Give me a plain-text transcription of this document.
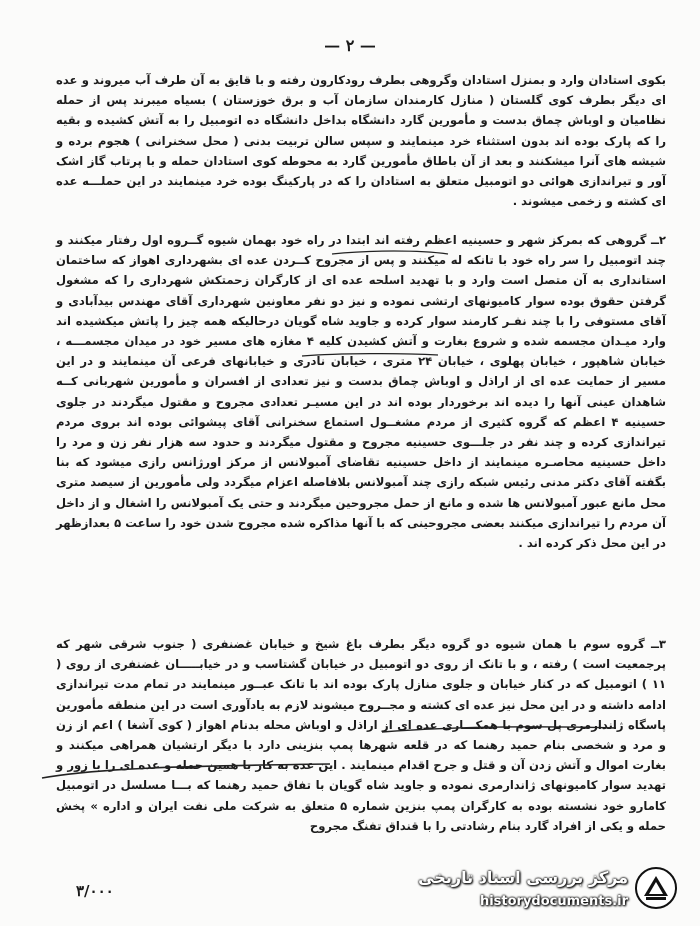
— ۲ —
بکوی استادان وارد و بمنزل استادان وگروهی بطرف رودکارون رفته و با قایق به آن طرف آب میروند و عده ای دیگر بطرف کوی گلستان ( منازل کارمندان سازمان آب و برق خوزستان ) بسیاه میبرند پس از حمله نظامیان و اوباش چماق بدست و مأمورین گارد دانشگاه بداخل دانشگاه ده اتومبیل را به آتش کشیده و بقیه را که پارک بوده اند بدون استثناء خرد مینمایند و سپس سالن تربیت بدنی ( محل سخنرانی ) هجوم برده و شیشه های آنرا میشکنند و بعد از آن باطاق مأمورین گارد به محوطه کوی استادان حمله و با پرتاب گاز اشک آور و تیراندازی هوائی دو اتومبیل متعلق به استادان را که در پارکینگ بوده خرد مینمایند در این حملـــه عده ای کشته و زخمی میشوند .
۲ــ گروهی که بمرکز شهر و حسینیه اعظم رفته اند ابتدا در راه خود بهمان شیوه گــروه اول رفتار میکنند و چند اتومبیل را سر راه خود با تانکه له میکنند و پس از مجروح کــردن عده ای بشهرداری اهواز که ساختمان استانداری به آن متصل است وارد و با تهدید اسلحه عده ای از کارگران زحمتکش شهرداری را که مشغول گرفتن حقوق بوده سوار کامیونهای ارتشی نموده و نیز دو نفر معاونین شهرداری آقای مهندس بیدآبادی و آقای مستوفی را با چند نفـر کارمند سوار کرده و جاوید شاه گویان درحالیکه همه چیز را پاتش میکشیده اند وارد میـدان مجسمه شده و شروع بغارت و آتش کشیدن کلیه ۴ مغازه های مسیر خود در میدان مجسمـــه ، خیابان شاهپور ، خیابان پهلوی ، خیابان ۲۴ متری ، خیابان نادری و خیابانهای فرعی آن مینمایند و در این مسیر از حمایت عده ای از اراذل و اوباش چماق بدست و نیز تعدادی از افسران و مأمورین شهربانی کــه شاهدان عینی آنها را دیده اند برخوردار بوده اند در این مسیـر تعدادی مجروح و مقتول میگردند در جلوی حسینیه ۴ اعظم که گروه کثیری از مردم مشغــول استماع سخنرانی آقای پیشوائی بوده اند بروی مردم تیراندازی کرده و چند نفر در جلـــوی حسینیه مجروح و مقتول میگردند و حدود سه هزار نفر زن و مرد را داخل حسینیه محاصـره مینمایند از داخل حسینیه تقاضای آمبولانس از مرکز اورژانس رازی میشود که بنا بگفته آقای دکتر مدنی رئیس شبکه رازی چند آمبولانس بلافاصله اعزام میگردد ولی مأمورین از سیصد متری محل مانع عبور آمبولانس ها شده و مانع از حمل مجروحین میگردند و حتی یک آمبولانس را اشغال و از داخل آن مردم را تیراندازی میکنند بعضی مجروحینی که با آنها مذاکره شده مجروح شدن خود را ساعت ۵ بعدازظهر در این محل ذکر کرده اند .
۳ــ گروه سوم با همان شیوه دو گروه دیگر بطرف باغ شیخ و خیابان غضنفری ( جنوب شرقی شهر که پرجمعیت است ) رفته ، و با تانک از روی دو اتومبیل در خیابان گشتاسب و در خیابـــــان غضنفری از روی ( ۱۱ ) اتومبیل که در کنار خیابان و جلوی منازل پارک بوده اند با تانک عبــور مینمایند در تمام مدت تیراندازی ادامه داشته و در این محل نیز عده ای کشته و مجــروح میشوند لازم به یادآوری است در این منطقه مأمورین پاسگاه ژاندارمری پل سوم با همکـــاری عده ای از اراذل و اوباش محله بدنام اهواز ( کوی آشغا ) اعم از زن و مرد و شخصی بنام حمید رهنما که در قلعه شهرها پمپ بنزینی دارد با دیگر ارتشیان همراهی میکنند و بغارت اموال و آتش زدن آن و قتل و جرح اقدام مینمایند . این عده به کار با همین حمله و عده ای را با زور و تهدید سوار کامیونهای ژاندارمری نموده و جاوید شاه گویان با تفاق حمید رهنما که بـــا مسلسل در اتومبیل کامارو خود نشسته بوده به کارگران پمپ بنزین شماره ۵ متعلق به شرکت ملی نفت ایران و اداره » پخش حمله و یکی از افراد گارد بنام رشادتی را با قنداق تفنگ مجروح
۳/۰۰۰
مرکز بررسی اسناد تاریخی
historydocuments.ir
